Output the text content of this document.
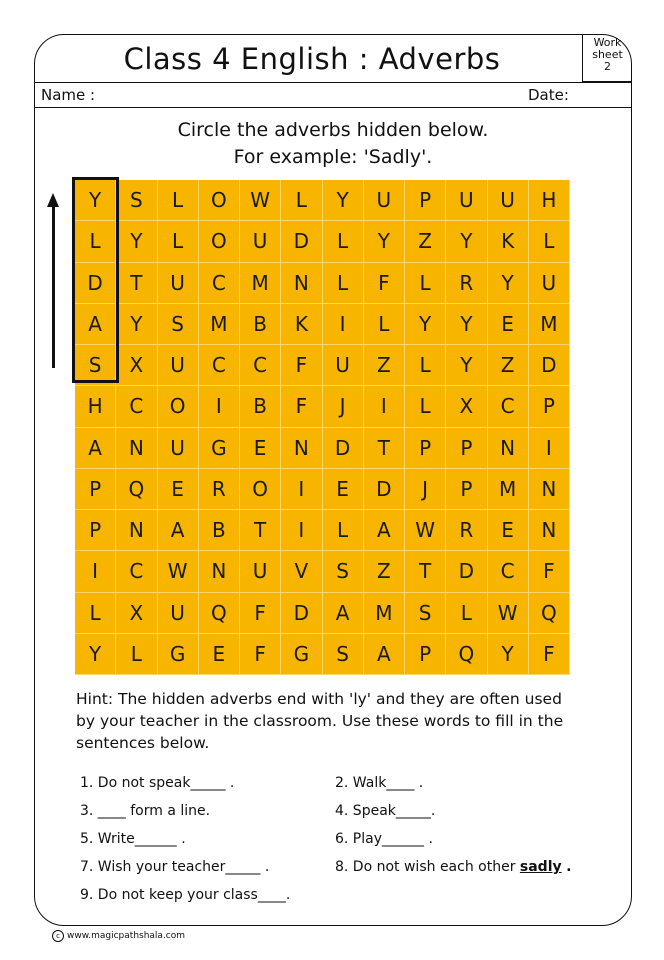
Class 4 English : Adverbs	Work
sheet
2
Name :	Date:
Circle the adverbs hidden below.
For example: 'Sadly'.
Y	S	L	O	W	L	Y	U	P	U	U	H
L	Y	L	O	U	D	L	Y	Z	Y	K	L
D	T	U	C	M	N	L	F	L	R	Y	U
A	Y	S	M	B	K	I	L	Y	Y	E	M
S	X	U	C	C	F	U	Z	L	Y	Z	D
H	C	O	I	B	F	J	I	L	X	C	P
A	N	U	G	E	N	D	T	P	P	N	I
P	Q	E	R	O	I	E	D	J	P	M	N
P	N	A	B	T	I	L	A	W	R	E	N
I	C	W	N	U	V	S	Z	T	D	C	F
L	X	U	Q	F	D	A	M	S	L	W	Q
Y	L	G	E	F	G	S	A	P	Q	Y	F
Hint: The hidden adverbs end with 'ly' and they are often used by your teacher in the classroom. Use these words to fill in the sentences below.
1. Do not speak_____ .	2. Walk____ .
3. ____ form a line.	4. Speak_____.
5. Write______ .	6. Play______ .
7. Wish your teacher_____ .	8. Do not wish each other sadly .
9. Do not keep your class____.
c www.magicpathshala.com
